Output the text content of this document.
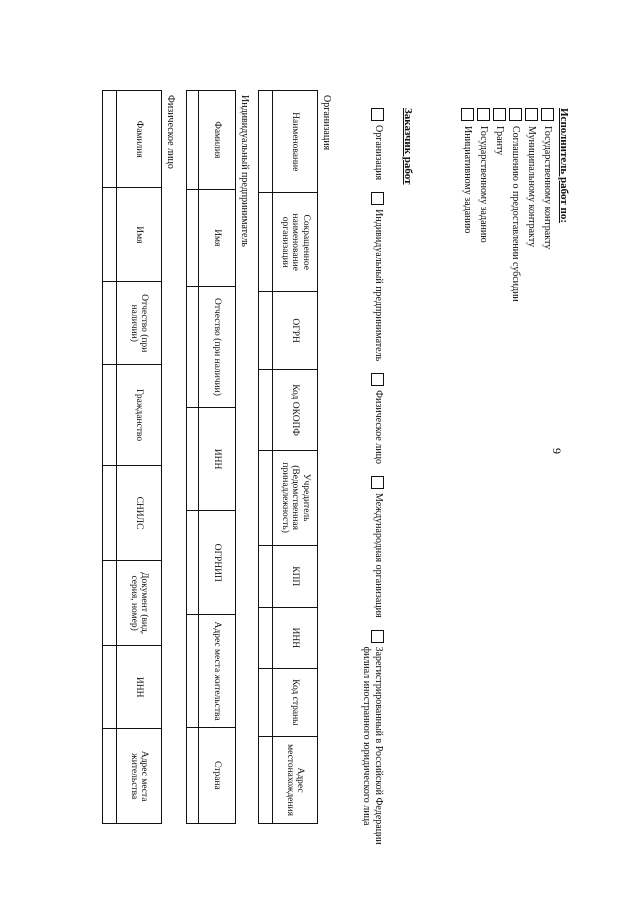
9
Исполнитель работ по:
Государственному контракту
Муниципальному контракту
Соглашению о предоставлении субсидии
Гранту
Государственному заданию
Инициативному заданию
Заказчик работ
Организация
Индивидуальный предприниматель
Физическое лицо
Международная организация
Зарегистрированный в Российской Федерации филиал иностранного юридического лица
Организация
Наименование	Сокращенное наименование организации	ОГРН	Код ОКОПФ	Учредитель (Ведомственная принадлежность)	КПП	ИНН	Код страны	Адрес местонахождения

Индивидуальный предприниматель
Фамилия	Имя	Отчество (при наличии)	ИНН	ОГРНИП	Адрес места жительства	Страна

Физическое лицо
Фамилия	Имя	Отчество (при наличии)	Гражданство	СНИЛС	Документ (вид, серия, номер)	ИНН	Адрес места жительства
